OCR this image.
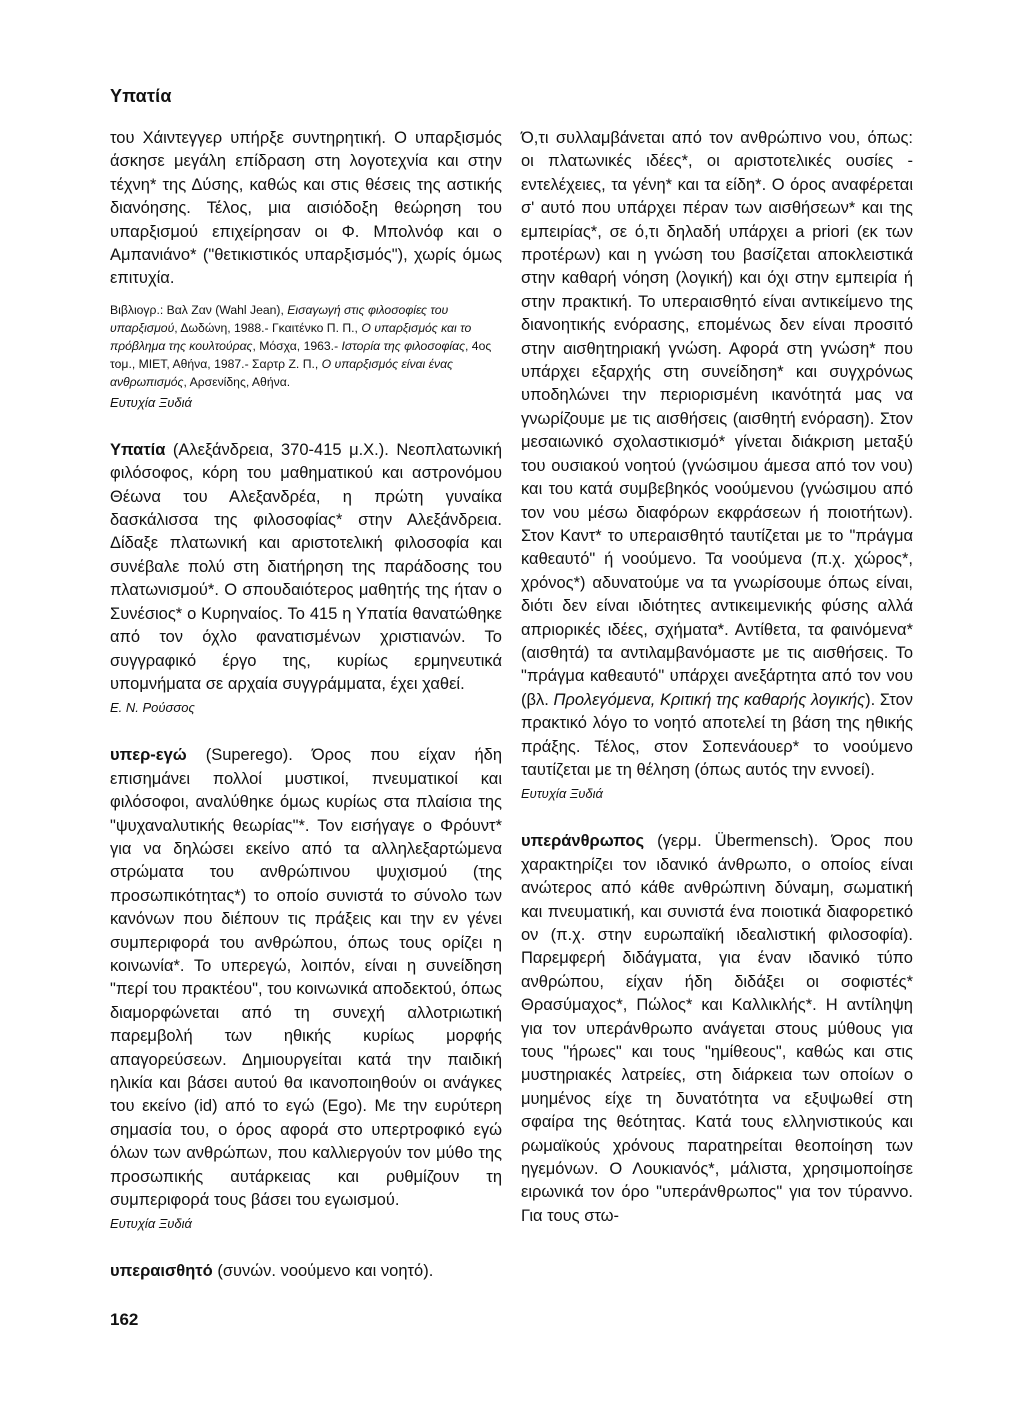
Υπατία

του Χάιντεγγερ υπήρξε συντηρητική. Ο υπαρξισμός άσκησε μεγάλη επίδραση στη λογοτεχνία και στην τέχνη* της Δύσης, καθώς και στις θέσεις της αστικής διανόησης. Τέλος, μια αισιόδοξη θεώρηση του υπαρξισμού επιχείρησαν οι Φ. Μπολνόφ και ο Αμπανιάνο* ("θετικιστικός υπαρξισμός"), χωρίς όμως επιτυχία.

Βιβλιογρ.: Βαλ Ζαν (Wahl Jean), Εισαγωγή στις φιλοσοφίες του υπαρξισμού, Δωδώνη, 1988.- Γκαιτένκο Π. Π., Ο υπαρξισμός και το πρόβλημα της κουλτούρας, Μόσχα, 1963.- Ιστορία της φιλοσοφίας, 4ος τομ., ΜΙΕΤ, Αθήνα, 1987.- Σαρτρ Ζ. Π., Ο υπαρξισμός είναι ένας ανθρωπισμός, Αρσενίδης, Αθήνα.

Ευτυχία Ξυδιά

Υπατία (Αλεξάνδρεια, 370-415 μ.Χ.). Νεοπλατωνική φιλόσοφος, κόρη του μαθηματικού και αστρονόμου Θέωνα του Αλεξανδρέα, η πρώτη γυναίκα δασκάλισσα της φιλοσοφίας* στην Αλεξάνδρεια. Δίδαξε πλατωνική και αριστοτελική φιλοσοφία και συνέβαλε πολύ στη διατήρηση της παράδοσης του πλατωνισμού*. Ο σπουδαιότερος μαθητής της ήταν ο Συνέσιος* ο Κυρηναίος. Το 415 η Υπατία θανατώθηκε από τον όχλο φανατισμένων χριστιανών. Το συγγραφικό έργο της, κυρίως ερμηνευτικά υπομνήματα σε αρχαία συγγράμματα, έχει χαθεί.

Ε. Ν. Ρούσσος

υπερ-εγώ (Superego). Όρος που είχαν ήδη επισημάνει πολλοί μυστικοί, πνευματικοί και φιλόσοφοι, αναλύθηκε όμως κυρίως στα πλαίσια της "ψυχαναλυτικής θεωρίας"*. Τον εισήγαγε ο Φρόυντ* για να δηλώσει εκείνο από τα αλληλεξαρτώμενα στρώματα του ανθρώπινου ψυχισμού (της προσωπικότητας*) το οποίο συνιστά το σύνολο των κανόνων που διέπουν τις πράξεις και την εν γένει συμπεριφορά του ανθρώπου, όπως τους ορίζει η κοινωνία*. Το υπερεγώ, λοιπόν, είναι η συνείδηση "περί του πρακτέου", του κοινωνικά αποδεκτού, όπως διαμορφώνεται από τη συνεχή αλλοτριωτική παρεμβολή των ηθικής κυρίως μορφής απαγορεύσεων. Δημιουργείται κατά την παιδική ηλικία και βάσει αυτού θα ικανοποιηθούν οι ανάγκες του εκείνο (id) από το εγώ (Ego). Με την ευρύτερη σημασία του, ο όρος αφορά στο υπερτροφικό εγώ όλων των ανθρώπων, που καλλιεργούν τον μύθο της προσωπικής αυτάρκειας και ρυθμίζουν τη συμπεριφορά τους βάσει του εγωισμού.

Ευτυχία Ξυδιά

υπεραισθητό (συνών. νοούμενο και νοητό).

Ό,τι συλλαμβάνεται από τον ανθρώπινο νου, όπως: οι πλατωνικές ιδέες*, οι αριστοτελικές ουσίες - εντελέχειες, τα γένη* και τα είδη*. Ο όρος αναφέρεται σ' αυτό που υπάρχει πέραν των αισθήσεων* και της εμπειρίας*, σε ό,τι δηλαδή υπάρχει a priori (εκ των προτέρων) και η γνώση του βασίζεται αποκλειστικά στην καθαρή νόηση (λογική) και όχι στην εμπειρία ή στην πρακτική. Το υπεραισθητό είναι αντικείμενο της διανοητικής ενόρασης, επομένως δεν είναι προσιτό στην αισθητηριακή γνώση. Αφορά στη γνώση* που υπάρχει εξαρχής στη συνείδηση* και συγχρόνως υποδηλώνει την περιορισμένη ικανότητά μας να γνωρίζουμε με τις αισθήσεις (αισθητή ενόραση). Στον μεσαιωνικό σχολαστικισμό* γίνεται διάκριση μεταξύ του ουσιακού νοητού (γνώσιμου άμεσα από τον νου) και του κατά συμβεβηκός νοούμενου (γνώσιμου από τον νου μέσω διαφόρων εκφράσεων ή ποιοτήτων). Στον Καντ* το υπεραισθητό ταυτίζεται με το "πράγμα καθεαυτό" ή νοούμενο. Τα νοούμενα (π.χ. χώρος*, χρόνος*) αδυνατούμε να τα γνωρίσουμε όπως είναι, διότι δεν είναι ιδιότητες αντικειμενικής φύσης αλλά απριορικές ιδέες, σχήματα*. Αντίθετα, τα φαινόμενα* (αισθητά) τα αντιλαμβανόμαστε με τις αισθήσεις. Το "πράγμα καθεαυτό" υπάρχει ανεξάρτητα από τον νου (βλ. Προλεγόμενα, Κριτική της καθαρής λογικής). Στον πρακτικό λόγο το νοητό αποτελεί τη βάση της ηθικής πράξης. Τέλος, στον Σοπενάουερ* το νοούμενο ταυτίζεται με τη θέληση (όπως αυτός την εννοεί).

Ευτυχία Ξυδιά

υπεράνθρωπος (γερμ. Übermensch). Όρος που χαρακτηρίζει τον ιδανικό άνθρωπο, ο οποίος είναι ανώτερος από κάθε ανθρώπινη δύναμη, σωματική και πνευματική, και συνιστά ένα ποιοτικά διαφορετικό ον (π.χ. στην ευρωπαϊκή ιδεαλιστική φιλοσοφία). Παρεμφερή διδάγματα, για έναν ιδανικό τύπο ανθρώπου, είχαν ήδη διδάξει οι σοφιστές* Θρασύμαχος*, Πώλος* και Καλλικλής*. Η αντίληψη για τον υπεράνθρωπο ανάγεται στους μύθους για τους "ήρωες" και τους "ημίθεους", καθώς και στις μυστηριακές λατρείες, στη διάρκεια των οποίων ο μυημένος είχε τη δυνατότητα να εξυψωθεί στη σφαίρα της θεότητας. Κατά τους ελληνιστικούς και ρωμαϊκούς χρόνους παρατηρείται θεοποίηση των ηγεμόνων. Ο Λουκιανός*, μάλιστα, χρησιμοποίησε ειρωνικά τον όρο "υπεράνθρωπος" για τον τύραννο. Για τους στω-

162
